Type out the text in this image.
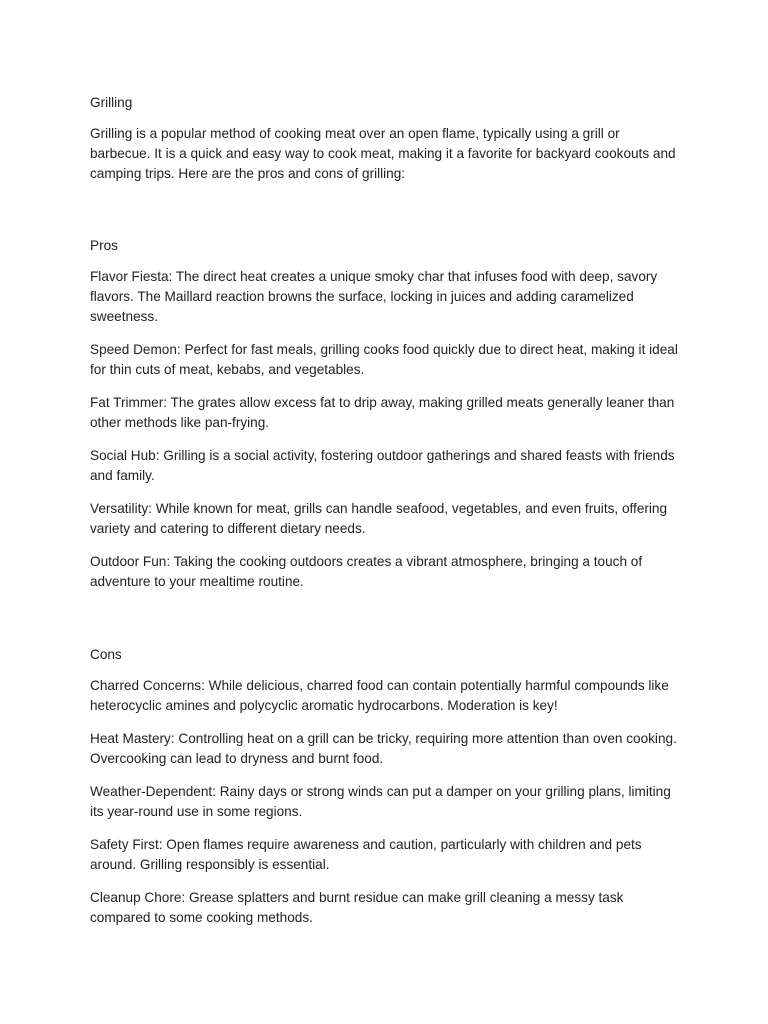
Grilling

Grilling is a popular method of cooking meat over an open flame, typically using a grill or barbecue. It is a quick and easy way to cook meat, making it a favorite for backyard cookouts and camping trips. Here are the pros and cons of grilling:

Pros

Flavor Fiesta: The direct heat creates a unique smoky char that infuses food with deep, savory flavors. The Maillard reaction browns the surface, locking in juices and adding caramelized sweetness.

Speed Demon: Perfect for fast meals, grilling cooks food quickly due to direct heat, making it ideal for thin cuts of meat, kebabs, and vegetables.

Fat Trimmer: The grates allow excess fat to drip away, making grilled meats generally leaner than other methods like pan-frying.

Social Hub: Grilling is a social activity, fostering outdoor gatherings and shared feasts with friends and family.

Versatility: While known for meat, grills can handle seafood, vegetables, and even fruits, offering variety and catering to different dietary needs.

Outdoor Fun: Taking the cooking outdoors creates a vibrant atmosphere, bringing a touch of adventure to your mealtime routine.

Cons

Charred Concerns: While delicious, charred food can contain potentially harmful compounds like heterocyclic amines and polycyclic aromatic hydrocarbons. Moderation is key!

Heat Mastery: Controlling heat on a grill can be tricky, requiring more attention than oven cooking. Overcooking can lead to dryness and burnt food.

Weather-Dependent: Rainy days or strong winds can put a damper on your grilling plans, limiting its year-round use in some regions.

Safety First: Open flames require awareness and caution, particularly with children and pets around. Grilling responsibly is essential.

Cleanup Chore: Grease splatters and burnt residue can make grill cleaning a messy task compared to some cooking methods.
